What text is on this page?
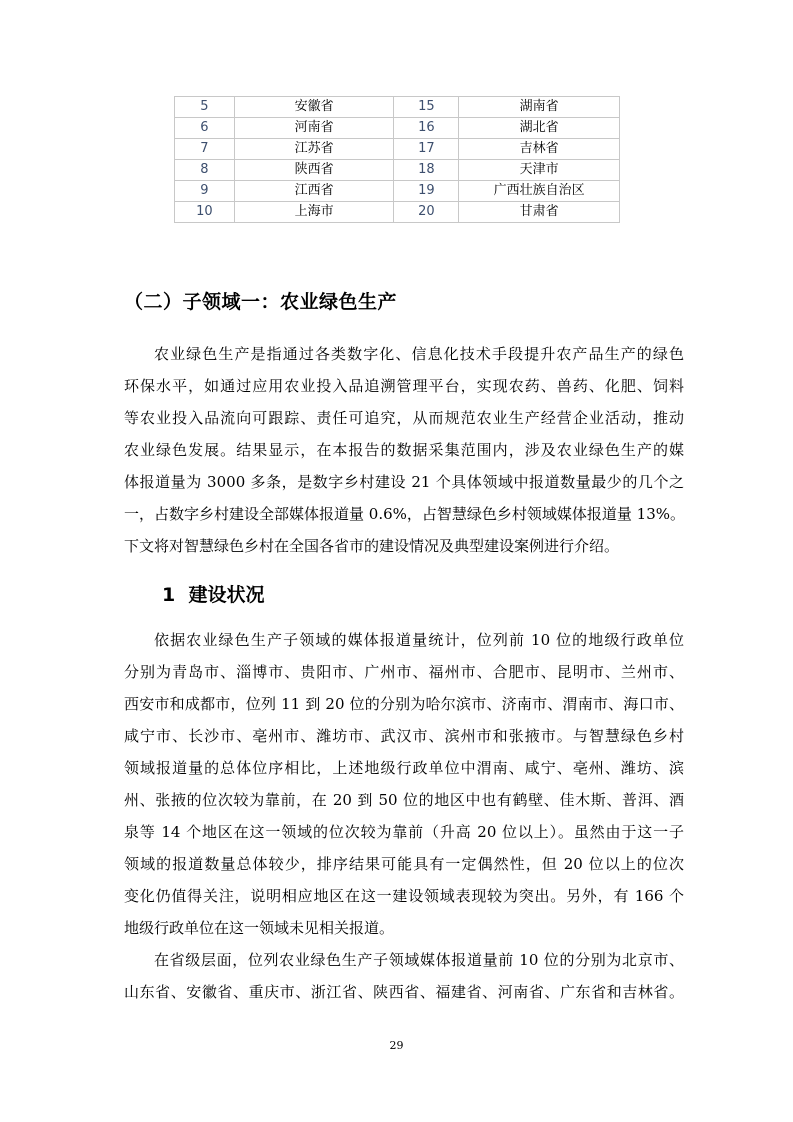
5	安徽省	15	湖南省
6	河南省	16	湖北省
7	江苏省	17	吉林省
8	陕西省	18	天津市
9	江西省	19	广西壮族自治区
10	上海市	20	甘肃省
（二）子领域一：农业绿色生产
农业绿色生产是指通过各类数字化、信息化技术手段提升农产品生产的绿色
环保水平，如通过应用农业投入品追溯管理平台，实现农药、兽药、化肥、饲料
等农业投入品流向可跟踪、责任可追究，从而规范农业生产经营企业活动，推动
农业绿色发展。结果显示，在本报告的数据采集范围内，涉及农业绿色生产的媒
体报道量为 3000 多条，是数字乡村建设 21 个具体领域中报道数量最少的几个之
一，占数字乡村建设全部媒体报道量 0.6%，占智慧绿色乡村领域媒体报道量 13%。
下文将对智慧绿色乡村在全国各省市的建设情况及典型建设案例进行介绍。
1  建设状况
依据农业绿色生产子领域的媒体报道量统计，位列前 10 位的地级行政单位
分别为青岛市、淄博市、贵阳市、广州市、福州市、合肥市、昆明市、兰州市、
西安市和成都市，位列 11 到 20 位的分别为哈尔滨市、济南市、渭南市、海口市、
咸宁市、长沙市、亳州市、潍坊市、武汉市、滨州市和张掖市。与智慧绿色乡村
领域报道量的总体位序相比，上述地级行政单位中渭南、咸宁、亳州、潍坊、滨
州、张掖的位次较为靠前，在 20 到 50 位的地区中也有鹤壁、佳木斯、普洱、酒
泉等 14 个地区在这一领域的位次较为靠前（升高 20 位以上）。虽然由于这一子
领域的报道数量总体较少，排序结果可能具有一定偶然性，但 20 位以上的位次
变化仍值得关注，说明相应地区在这一建设领域表现较为突出。另外，有 166 个
地级行政单位在这一领域未见相关报道。
在省级层面，位列农业绿色生产子领域媒体报道量前 10 位的分别为北京市、
山东省、安徽省、重庆市、浙江省、陕西省、福建省、河南省、广东省和吉林省。
29
